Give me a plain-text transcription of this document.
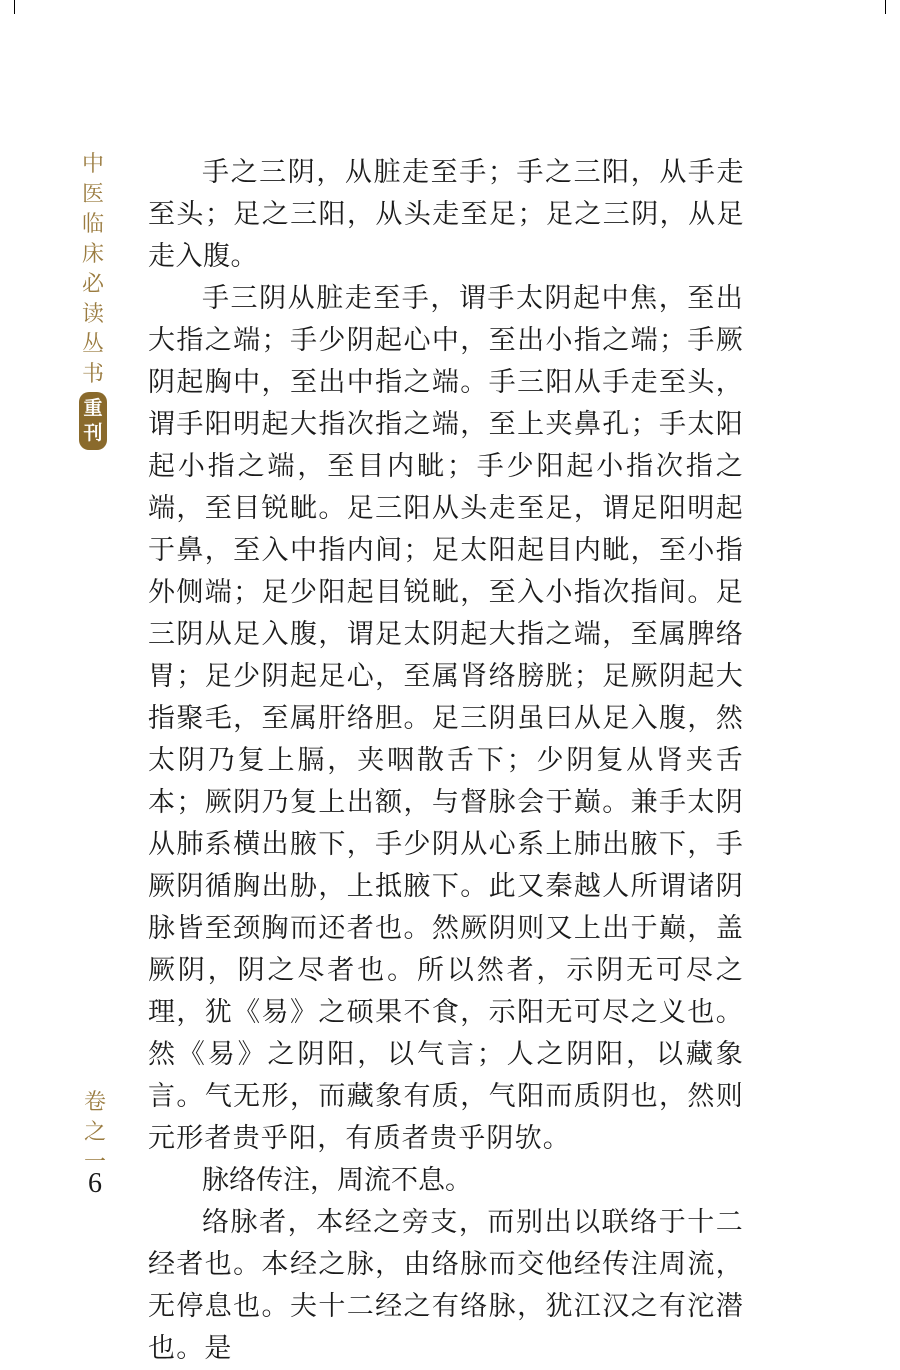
中
医
临
床
必
读
丛
书
重
刊
卷
之
一
6

手之三阴，从脏走至手；手之三阳，从手走至头；足之三阳，从头走至足；足之三阴，从足走入腹。

手三阴从脏走至手，谓手太阴起中焦，至出大指之端；手少阴起心中，至出小指之端；手厥阴起胸中，至出中指之端。手三阳从手走至头，谓手阳明起大指次指之端，至上夹鼻孔；手太阳起小指之端，至目内眦；手少阳起小指次指之端，至目锐眦。足三阳从头走至足，谓足阳明起于鼻，至入中指内间；足太阳起目内眦，至小指外侧端；足少阳起目锐眦，至入小指次指间。足三阴从足入腹，谓足太阴起大指之端，至属脾络胃；足少阴起足心，至属肾络膀胱；足厥阴起大指聚毛，至属肝络胆。足三阴虽曰从足入腹，然太阴乃复上膈，夹咽散舌下；少阴复从肾夹舌本；厥阴乃复上出额，与督脉会于巅。兼手太阴从肺系横出腋下，手少阴从心系上肺出腋下，手厥阴循胸出胁，上抵腋下。此又秦越人所谓诸阴脉皆至颈胸而还者也。然厥阴则又上出于巅，盖厥阴，阴之尽者也。所以然者，示阴无可尽之理，犹《易》之硕果不食，示阳无可尽之义也。然《易》之阴阳，以气言；人之阴阳，以藏象言。气无形，而藏象有质，气阳而质阴也，然则元形者贵乎阳，有质者贵乎阴欤。

脉络传注，周流不息。

络脉者，本经之旁支，而别出以联络于十二经者也。本经之脉，由络脉而交他经传注周流，无停息也。夫十二经之有络脉，犹江汉之有沱潜也。是
